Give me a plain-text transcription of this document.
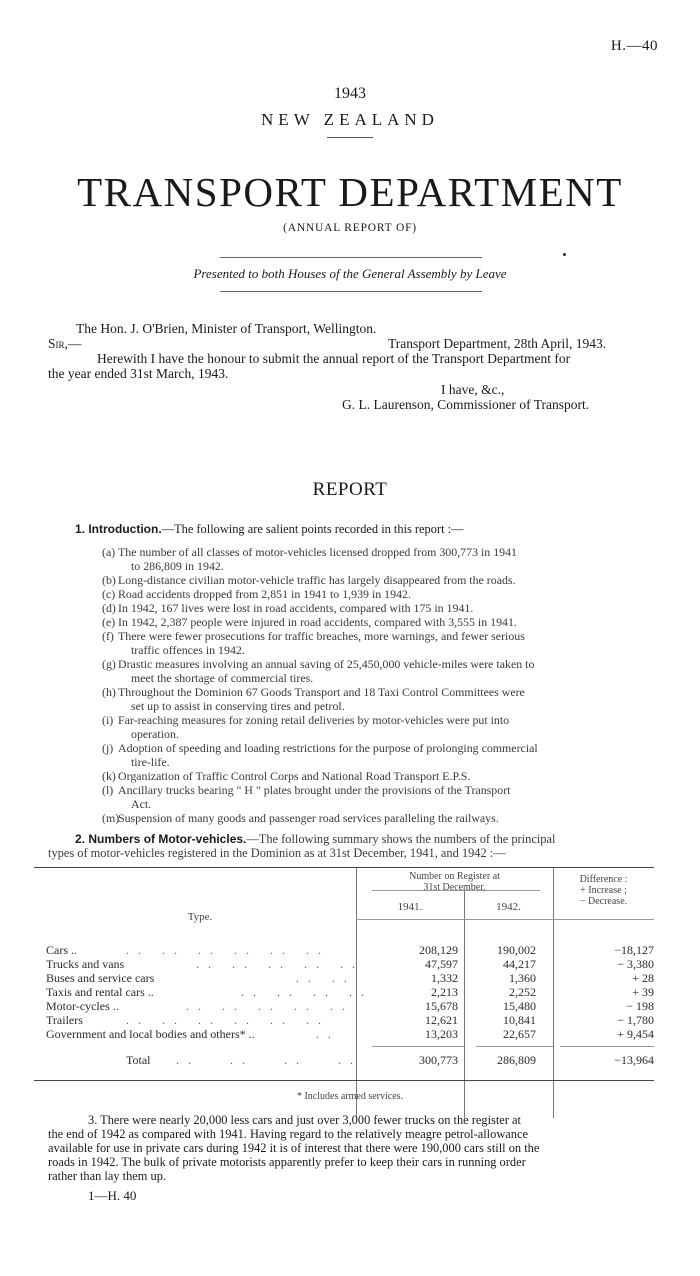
H.—40
1943
NEW ZEALAND
TRANSPORT DEPARTMENT
(ANNUAL REPORT OF)
Presented to both Houses of the General Assembly by Leave
The Hon. J. O'Brien, Minister of Transport, Wellington.
Sir,—	Transport Department, 28th April, 1943.
Herewith I have the honour to submit the annual report of the Transport Department for
the year ended 31st March, 1943.
I have, &c.,
G. L. Laurenson, Commissioner of Transport.
REPORT
1. Introduction.—The following are salient points recorded in this report :—
(a) The number of all classes of motor-vehicles licensed dropped from 300,773 in 1941
to 286,809 in 1942.
(b) Long-distance civilian motor-vehicle traffic has largely disappeared from the roads.
(c) Road accidents dropped from 2,851 in 1941 to 1,939 in 1942.
(d) In 1942, 167 lives were lost in road accidents, compared with 175 in 1941.
(e) In 1942, 2,387 people were injured in road accidents, compared with 3,555 in 1941.
(f) There were fewer prosecutions for traffic breaches, more warnings, and fewer serious
traffic offences in 1942.
(g) Drastic measures involving an annual saving of 25,450,000 vehicle-miles were taken to
meet the shortage of commercial tires.
(h) Throughout the Dominion 67 Goods Transport and 18 Taxi Control Committees were
set up to assist in conserving tires and petrol.
(i) Far-reaching measures for zoning retail deliveries by motor-vehicles were put into
operation.
(j) Adoption of speeding and loading restrictions for the purpose of prolonging commercial
tire-life.
(k) Organization of Traffic Control Corps and National Road Transport E.P.S.
(l) Ancillary trucks bearing " H " plates brought under the provisions of the Transport
Act.
(m)
Suspension of many goods and passenger road services paralleling the railways.
2. Numbers of Motor-vehicles.—The following summary shows the numbers of the principal
types of motor-vehicles registered in the Dominion as at 31st December, 1941, and 1942 :—
Type.
Number on Register at
31st December,
1941.	1942.
Difference :
+ Increase ;
− Decrease.
Cars ..	. .   . .   . .   . .   . .   . .	208,129	190,002	−18,127
Trucks and vans	. .   . .   . .   . .   . .	47,597	44,217	− 3,380
Buses and service cars	. .   . .	1,332	1,360	+ 28
Taxis and rental cars ..	. .   . .   . .   . .	2,213	2,252	+ 39
Motor-cycles ..	. .   . .   . .   . .   . .	15,678	15,480	− 198
Trailers	. .   . .   . .   . .   . .   . .	12,621	10,841	− 1,780
Government and local bodies and others* ..	. .	13,203	22,657	+ 9,454
Total . .      . .      . .      . .	300,773	286,809	−13,964
* Includes armed services.
3. There were nearly 20,000 less cars and just over 3,000 fewer trucks on the register at
the end of 1942 as compared with 1941. Having regard to the relatively meagre petrol-allowance
available for use in private cars during 1942 it is of interest that there were 190,000 cars still on the
roads in 1942. The bulk of private motorists apparently prefer to keep their cars in running order
rather than lay them up.
1—H. 40
